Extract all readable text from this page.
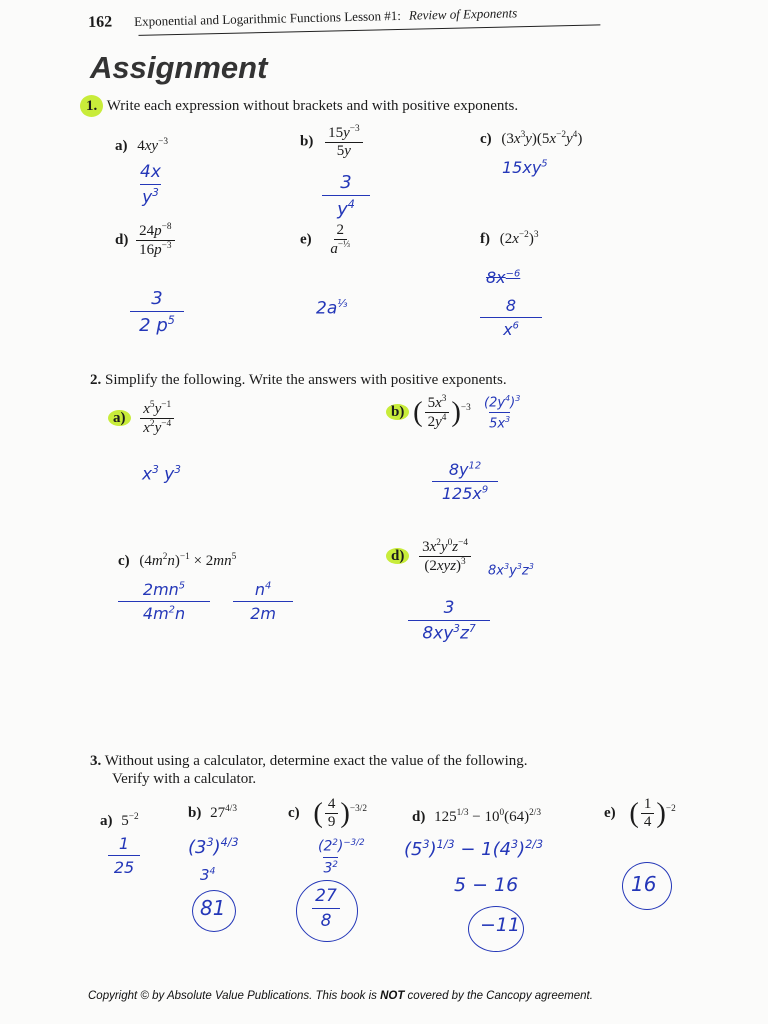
162 Exponential and Logarithmic Functions Lesson #1: Review of Exponents
Assignment
1. Write each expression without brackets and with positive exponents.
a) $4xy^{-3}$
$\frac{4x}{y^3}$
$b) \frac{15y^{-3}}{5y}$
$\frac{3}{y^4}$
c) $(3x^3y)(5x^{-2}y^4)$
$15xy^5$
$d) \frac{24p^{-8}}{16p^{-3}}$
$\frac{3}{2 p^5}$
$e) \frac{2}{a^{-\frac{1}{3}}}$
$2a^{\frac{1}{3}}$
f) $(2x^{-2})^3$
$8x^{-6}$
$\frac{8}{x^6}$
2. Simplify the following. Write the answers with positive exponents.
$a) \frac{x^5y^{-1}}{x^2y^{-4}}$
$x^3$ $y^3$
b) ( $\frac{5x^3}{2y^4} )^{-3}$ ( $\frac{2y^4}{5x^3} )^3$
$\frac{8y^{12}}{125x^9}$
c) $(4m^2n)^{-1} \times 2mn^5$
$\frac{2mn^5}{4m^2n}$
$\frac{n^4}{2m}$
$d) \frac{3x^2y^0z^{-4}}{(2xyz)^3} 8x^3y^3z^3$
$\frac{3}{8xy^3z^7}$
3. Without using a calculator, determine exact the value of the following.
Verify with a calculator.
a) $5^{-2}$
$\frac{1}{25}$
b) $27^{4/3}$
$(3^3)^{4/3}$
$3^4$
81
c) ( $\frac{4}{9} )^{-3/2}$
( $\frac{2^2}{3^2} )^{-3/2}$
$\frac{27}{8}$
d) $125^{1/3} - 10^0(64)^{2/3}$
$(5^3)^{1/3} - 1(4^3)^{2/3}$
5 − 16
−11
e) ( $\frac{1}{4} )^{-2}$
16
Copyright © by Absolute Value Publications. This book is NOT covered by the Cancopy agreement.
